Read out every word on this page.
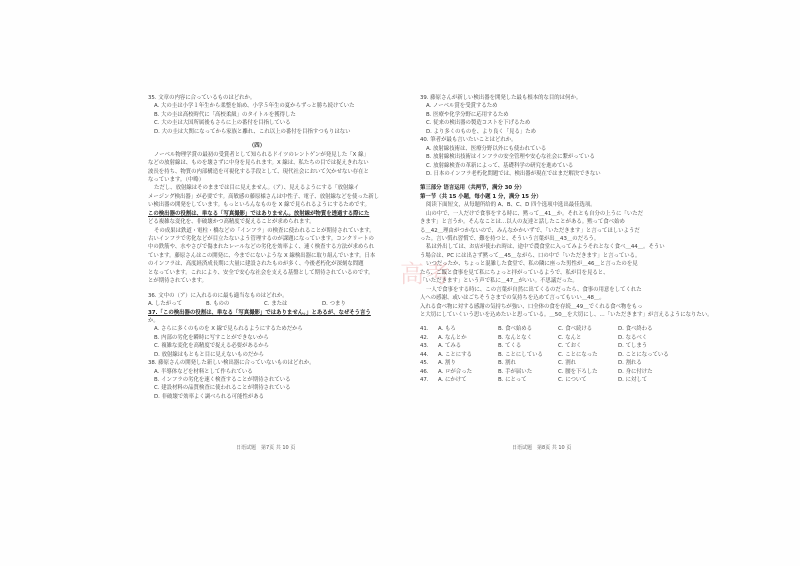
高考
35. 文章の内容に合っているものはどれか。
A. 大の圭は小学１年生から柔整を始め、小学５年生の夏からずっと勝ち続けていた
B. 大の圭は高校時代に「高校柔級」のタイトルを獲得した
C. 大の圭は大国所属後もさらに上の番付を目指している
D. 大の圭は大関になってから家族と離れ、これ以上の番付を目指すつもりはない
（四）
ノーベル物理学賞の最初の受賞者として知られるドイツのレントゲンが発見した「X 線」
などの放射線は、ものを壊さずに中身を見られます。X 線は、私たちの目では捉えきれない
波長を持ち、物質の内部構造を可視化する手段として、現代社会において欠かせない存在と
なっています。（中略）
ただし、放射線はそのままでは目に見えません。（ア）、見えるようにする「放射線イ
メージング検出器」が必要です。高敏感の藤原様さんは中性子、電子、放射線などを使った新し
い検出器の開発をしています。もっといろんなものを X 線で見られるようにするためです。
この検出器の役割は、単なる「写真撮影」ではありません。放射線が物質を透過する際にた
どる複雑な変化を、非破壊かつ高精度で捉えることが求められます。
その成果は鉄道・電柱・橋などの「インフラ」の検査に使われることが期待されています。
古いインフラで劣化などが目立たないよう管理するのが課題になっています。コンクリートの
中の鉄筋や、水やさびで傷まれたレールなどの劣化を効率よく、速く検査する方法が求められ
ています。藤原さんはこの開発に、今までにないような X 線検出器に取り組んでいます。日本
のインフラは、高度経済成長期に大量に建設されたものが多く、今後老朽化が深刻な問題
となっています。これにより、安全で安心な社会を支える基盤として期待されているのです。
とが期待されています。
36. 文中の（ア）に入れるのに最も適当なものはどれか。
A. したがって	B. ものの	C. または	D. つまり
37.「この検出器の役割は、単なる「写真撮影」ではありません。」とあるが、なぜそう言う
か。
A. さらに多くのものを X 線で見られるようにするためだから
B. 内部の劣化を瞬時に写すことができないから
C. 複雑な変化を高精度で捉える必要があるから
D. 放射線はもともと目に見えないものだから
38. 藤原さんの開発した新しい検出器に合っていないものはどれか。
A. 半導体などを材料として作られている
B. インフラの劣化を速く検査することが期待されている
C. 建設材料の品質検査に使われることが期待されている
D. 非破壊で効率よく調べられる可能性がある
日语试题　第7页 共 10 页
39. 藤原さんが新しい検出器を開発した最も根本的な目的は何か。
A. ノーベル賞を受賞するため
B. 医療や化学分野に応用するため
C. 従来の検出器の製造コストを下げるため
D. より多くのものを、より良く「見る」ため
40. 筆者が最も言いたいことはどれか。
A. 放射線技術は、医療分野以外にも使われている
B. 放射線検出技術はインフラの安全管理や安心な社会に繋がっている
C. 放射線検査の革新によって、基礎科学の研究を進めている
D. 日本のインフラ老朽化問題では、検出器が現在ではまだ解決できない
第三部分 语言运用（共两节，满分 30 分）
第一节（共 15 小题，每小题 1 分，满分 15 分）
阅读下面短文，从每题所给的 A、B、C、D 四个选项中选出最佳选项。
山の中で、一人だけで食事をする時に、黙って＿41＿か。それとも自分の上うに「いただ
きます」と言うか。そんなことは…以人の友達と話したことがある。黙って食べ始め
る＿42＿理由がつかないので、みんなかかいずで、「いただきます」と言ってほしいようだ
った。言い慣れ習慣で、難を持つと、そういう言葉が出＿43＿のだろう。
私は外出しては、お店が使われ時は、途中で農食堂に入ってみようそれとなく食べ＿44＿。そうい
う場合は、PC には出さず黙って＿45＿ながら、口の中で「いただきます」と言っている。
いつだったか、ちょっと混雑した食堂で、私の隣に座った男性が＿46＿と言ったのを見
たら、ご飯と食事を見て私にちょっと拝がっているようで、私が目を見ると、
「いただきます」という声で私に＿47＿がいい。不思議だった。
一人で食事をする時に、この言葉が自然に出てくるのだったら、食事の用意をしてくれた
人への感謝、或いはごちそうさまでの気持ちを込めて言ってもいい＿48＿。
入れる食べ物に対する感謝の気持ちが強い、口全体の食を存続＿49＿でくれる食べ物をもっ
と大切にしていくいう思いを込めたいと思っている。＿50＿を大切にし、…「いただきます」が言えるようになりたい。
41.	A. もろ	B. 食べ始める	C. 食べ続ける	D. 食べ終わる
42.	A. なんとか	B. なんとなく	C. なんと	D. なるべく
43.	A. てみる	B. てくる	C. ておく	D. てしまう
44.	A. ことにする	B. ことにしている	C. ことになった	D. ことになっている
45.	A. 割り	B. 割れ	C. 割れ	D. 割れる
46.	A. ロが合った	B. 手が届いた	C. 腰を下ろした	D. 身に付けた
47.	A. にかけて	B. にとって	C. について	D. に対して
日语试题　第8页 共 10 页
